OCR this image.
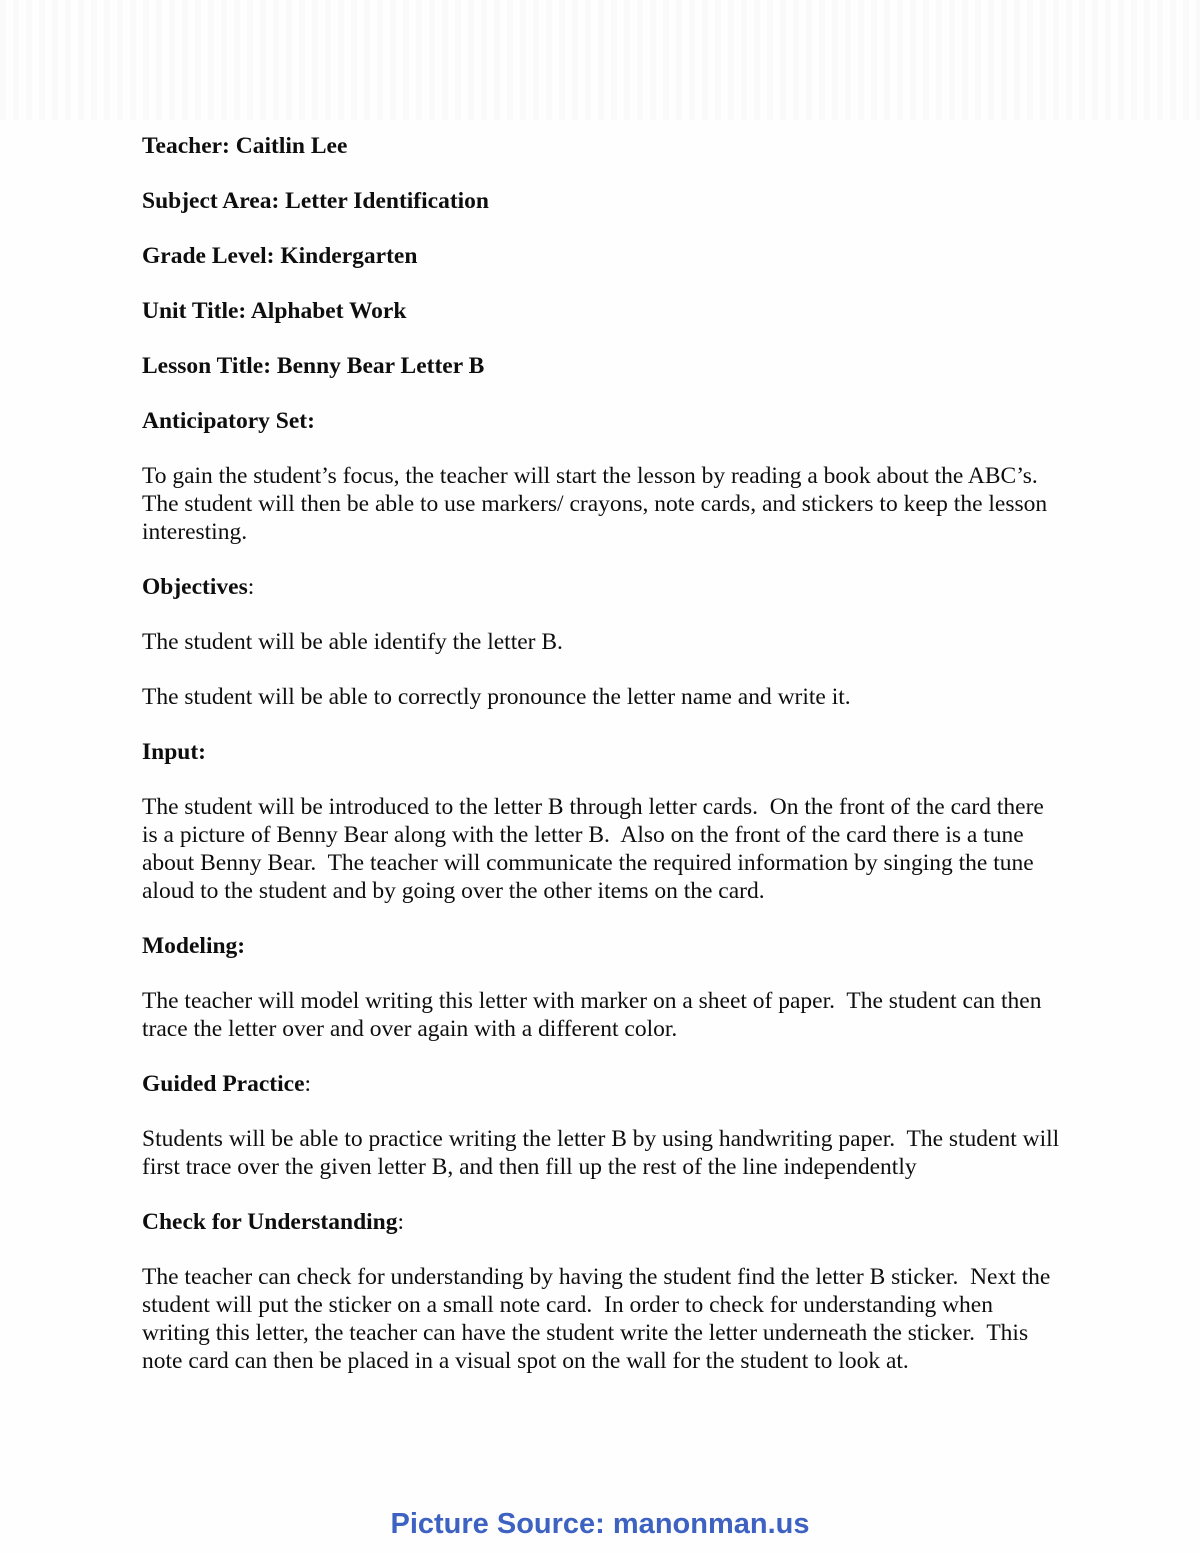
Teacher: Caitlin Lee

Subject Area: Letter Identification

Grade Level: Kindergarten

Unit Title: Alphabet Work

Lesson Title: Benny Bear Letter B

Anticipatory Set:

To gain the student’s focus, the teacher will start the lesson by reading a book about the ABC’s.  The student will then be able to use markers/ crayons, note cards, and stickers to keep the lesson interesting.

Objectives:

The student will be able identify the letter B.

The student will be able to correctly pronounce the letter name and write it.

Input:

The student will be introduced to the letter B through letter cards.  On the front of the card there is a picture of Benny Bear along with the letter B.  Also on the front of the card there is a tune about Benny Bear.  The teacher will communicate the required information by singing the tune aloud to the student and by going over the other items on the card.

Modeling:

The teacher will model writing this letter with marker on a sheet of paper.  The student can then trace the letter over and over again with a different color.

Guided Practice:

Students will be able to practice writing the letter B by using handwriting paper.  The student will first trace over the given letter B, and then fill up the rest of the line independently

Check for Understanding:

The teacher can check for understanding by having the student find the letter B sticker.  Next the student will put the sticker on a small note card.  In order to check for understanding when writing this letter, the teacher can have the student write the letter underneath the sticker.  This note card can then be placed in a visual spot on the wall for the student to look at.

Picture Source: manonman.us
